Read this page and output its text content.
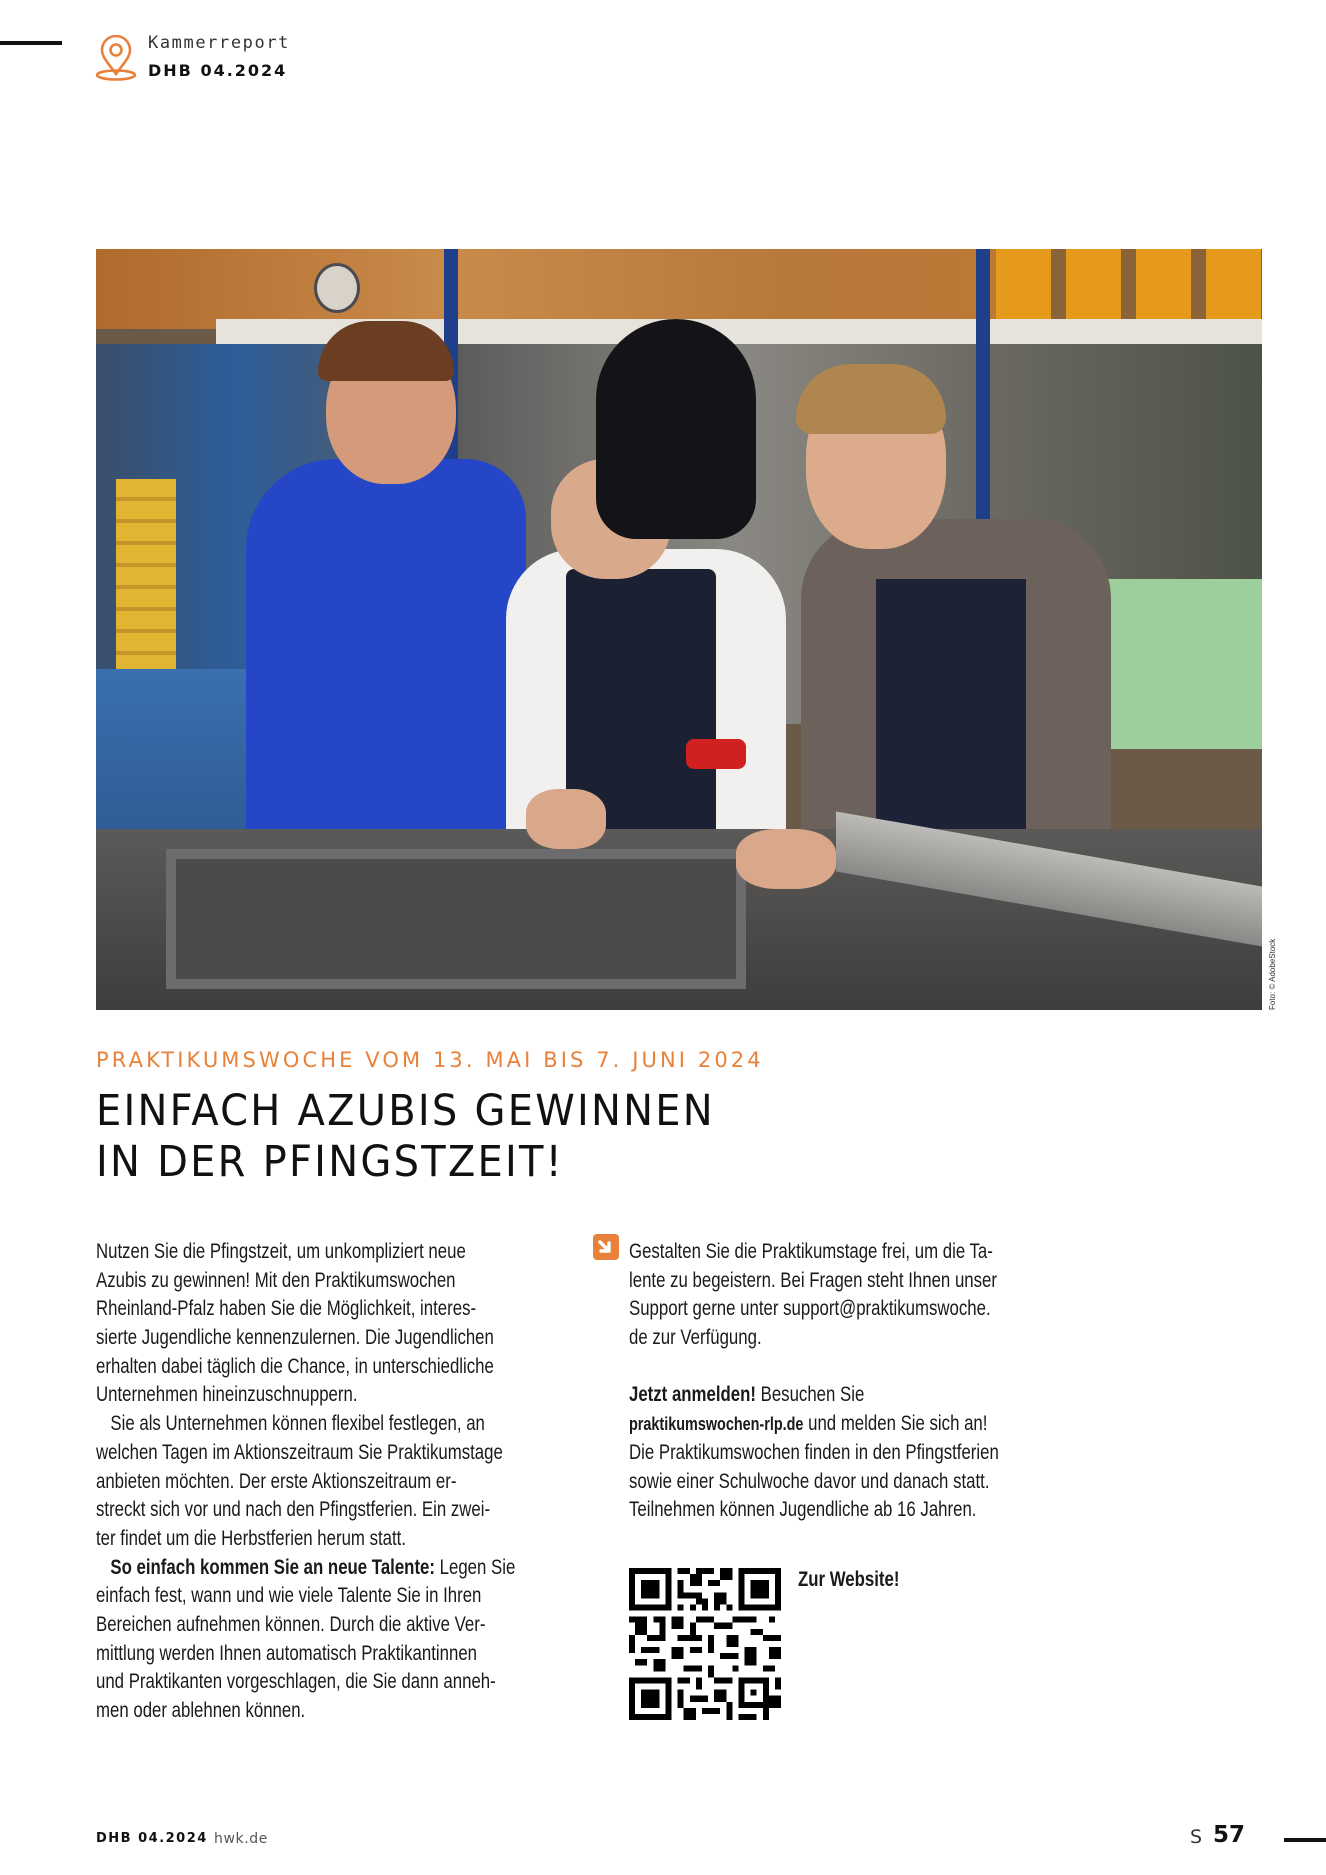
Kammerreport
DHB 04.2024
Foto: © AdobeStock
PRAKTIKUMSWOCHE VOM 13. MAI BIS 7. JUNI 2024
EINFACH AZUBIS GEWINNEN
IN DER PFINGSTZEIT!
Nutzen Sie die Pfingstzeit, um unkompliziert neue
Azubis zu gewinnen! Mit den Praktikumswochen
Rheinland-Pfalz haben Sie die Möglichkeit, interes-
sierte Jugendliche kennenzulernen. Die Jugendlichen
erhalten dabei täglich die Chance, in unterschiedliche
Unternehmen hineinzuschnuppern.
Sie als Unternehmen können flexibel festlegen, an
welchen Tagen im Aktionszeitraum Sie Praktikumstage
anbieten möchten. Der erste Aktionszeitraum er-
streckt sich vor und nach den Pfingstferien. Ein zwei-
ter findet um die Herbstferien herum statt.
So einfach kommen Sie an neue Talente: Legen Sie
einfach fest, wann und wie viele Talente Sie in Ihren
Bereichen aufnehmen können. Durch die aktive Ver-
mittlung werden Ihnen automatisch Praktikantinnen
und Praktikanten vorgeschlagen, die Sie dann anneh-
men oder ablehnen können.
Gestalten Sie die Praktikumstage frei, um die Ta-
lente zu begeistern. Bei Fragen steht Ihnen unser
Support gerne unter support@praktikumswoche.
de zur Verfügung.
Jetzt anmelden! Besuchen Sie
praktikumswochen-rlp.de und melden Sie sich an!
Die Praktikumswochen finden in den Pfingstferien
sowie einer Schulwoche davor und danach statt.
Teilnehmen können Jugendliche ab 16 Jahren.
Zur Website!
DHB 04.2024 hwk.de	S 57
